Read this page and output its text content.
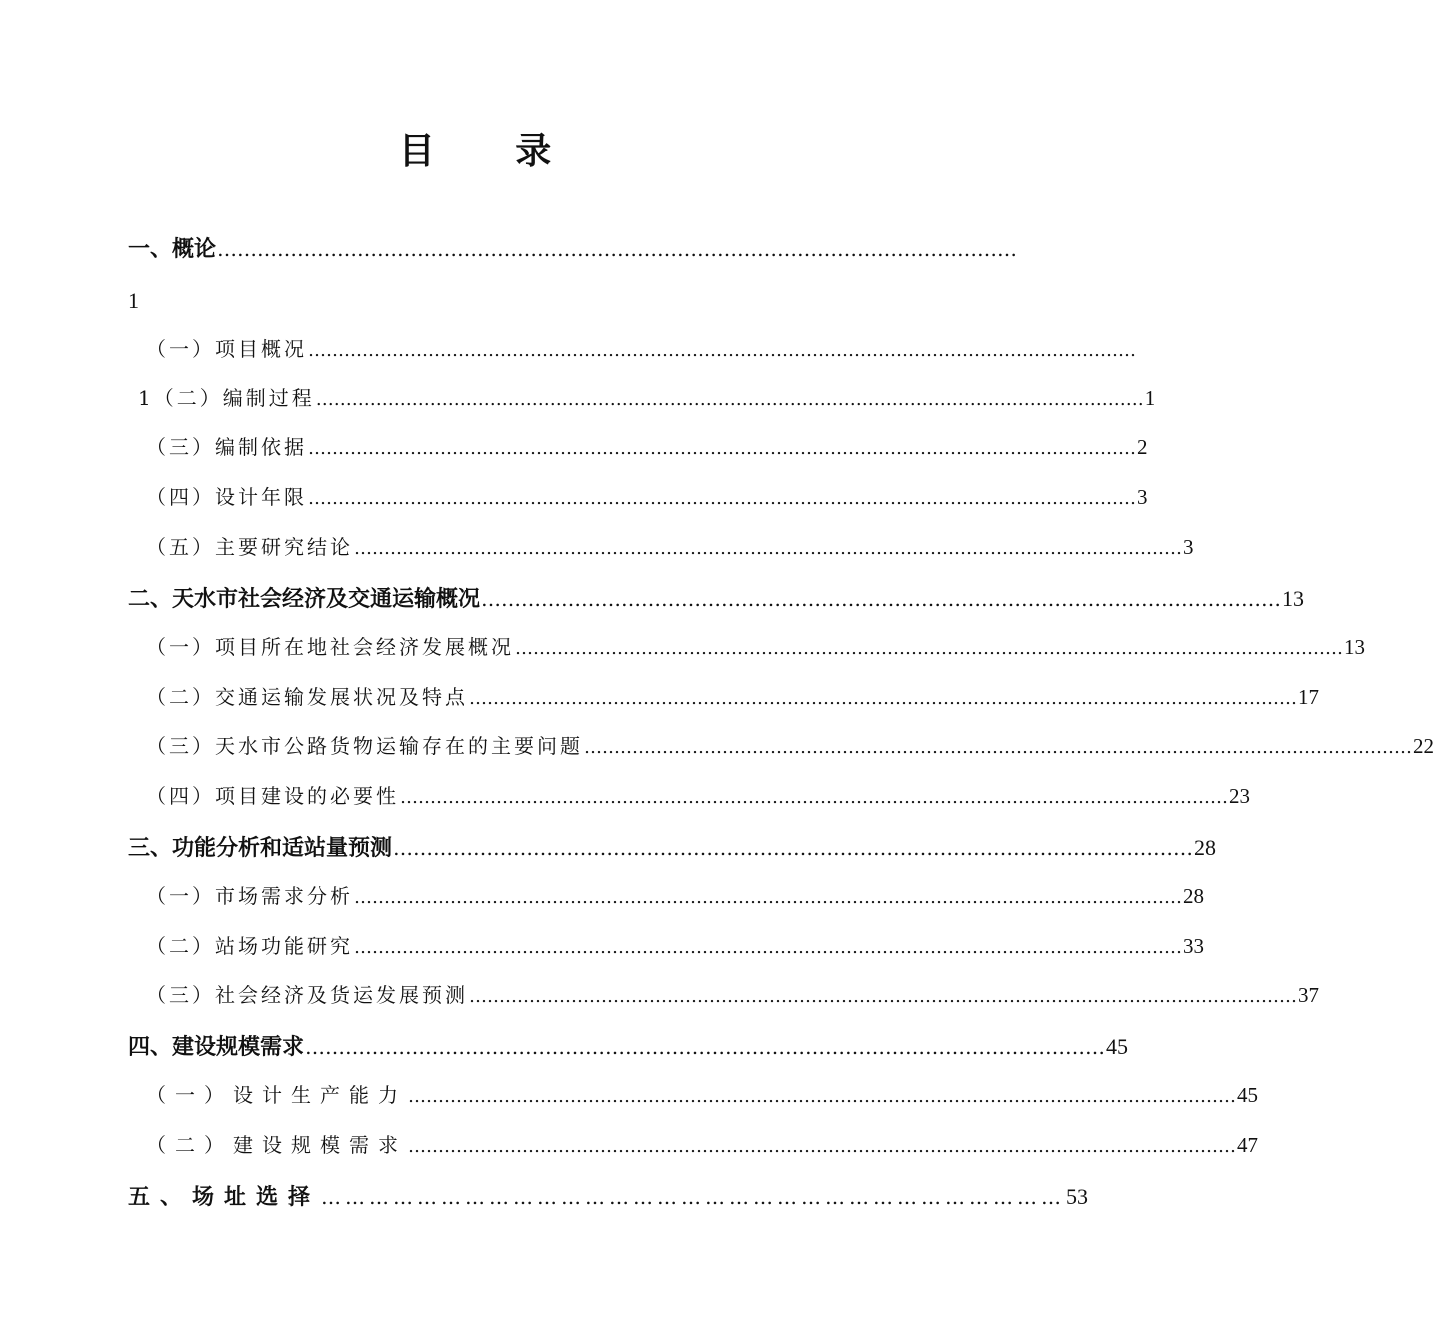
目 录
一、概论 …………………………………………………………………………………………………………
1
（一）项目概况 …………………………………………………………………………………………………………………………
1（二）编制过程 ………………………………………………………………………………………………………………………… 1
（三）编制依据 ………………………………………………………………………………………………………………………… 2
（四）设计年限 ………………………………………………………………………………………………………………………… 3
（五）主要研究结论 ………………………………………………………………………………………………………………………… 3
二、天水市社会经济及交通运输概况 ………………………………………………………………………………………………………… 13
（一）项目所在地社会经济发展概况 ………………………………………………………………………………………………………………………… 13
（二）交通运输发展状况及特点 ………………………………………………………………………………………………………………………… 17
（三）天水市公路货物运输存在的主要问题 ………………………………………………………………………………………………………………………… 22
（四）项目建设的必要性 ………………………………………………………………………………………………………………………… 23
三、功能分析和适站量预测 ………………………………………………………………………………………………………… 28
（一）市场需求分析 ………………………………………………………………………………………………………………………… 28
（二）站场功能研究 ………………………………………………………………………………………………………………………… 33
（三）社会经济及货运发展预测 ………………………………………………………………………………………………………………………… 37
四、建设规模需求 ………………………………………………………………………………………………………… 45
（一）设计生产能力 ………………………………………………………………………………………………………………………… 45
（二）建设规模需求 ………………………………………………………………………………………………………………………… 47
五、场址选择 ………………………………………………………………………………… 53
